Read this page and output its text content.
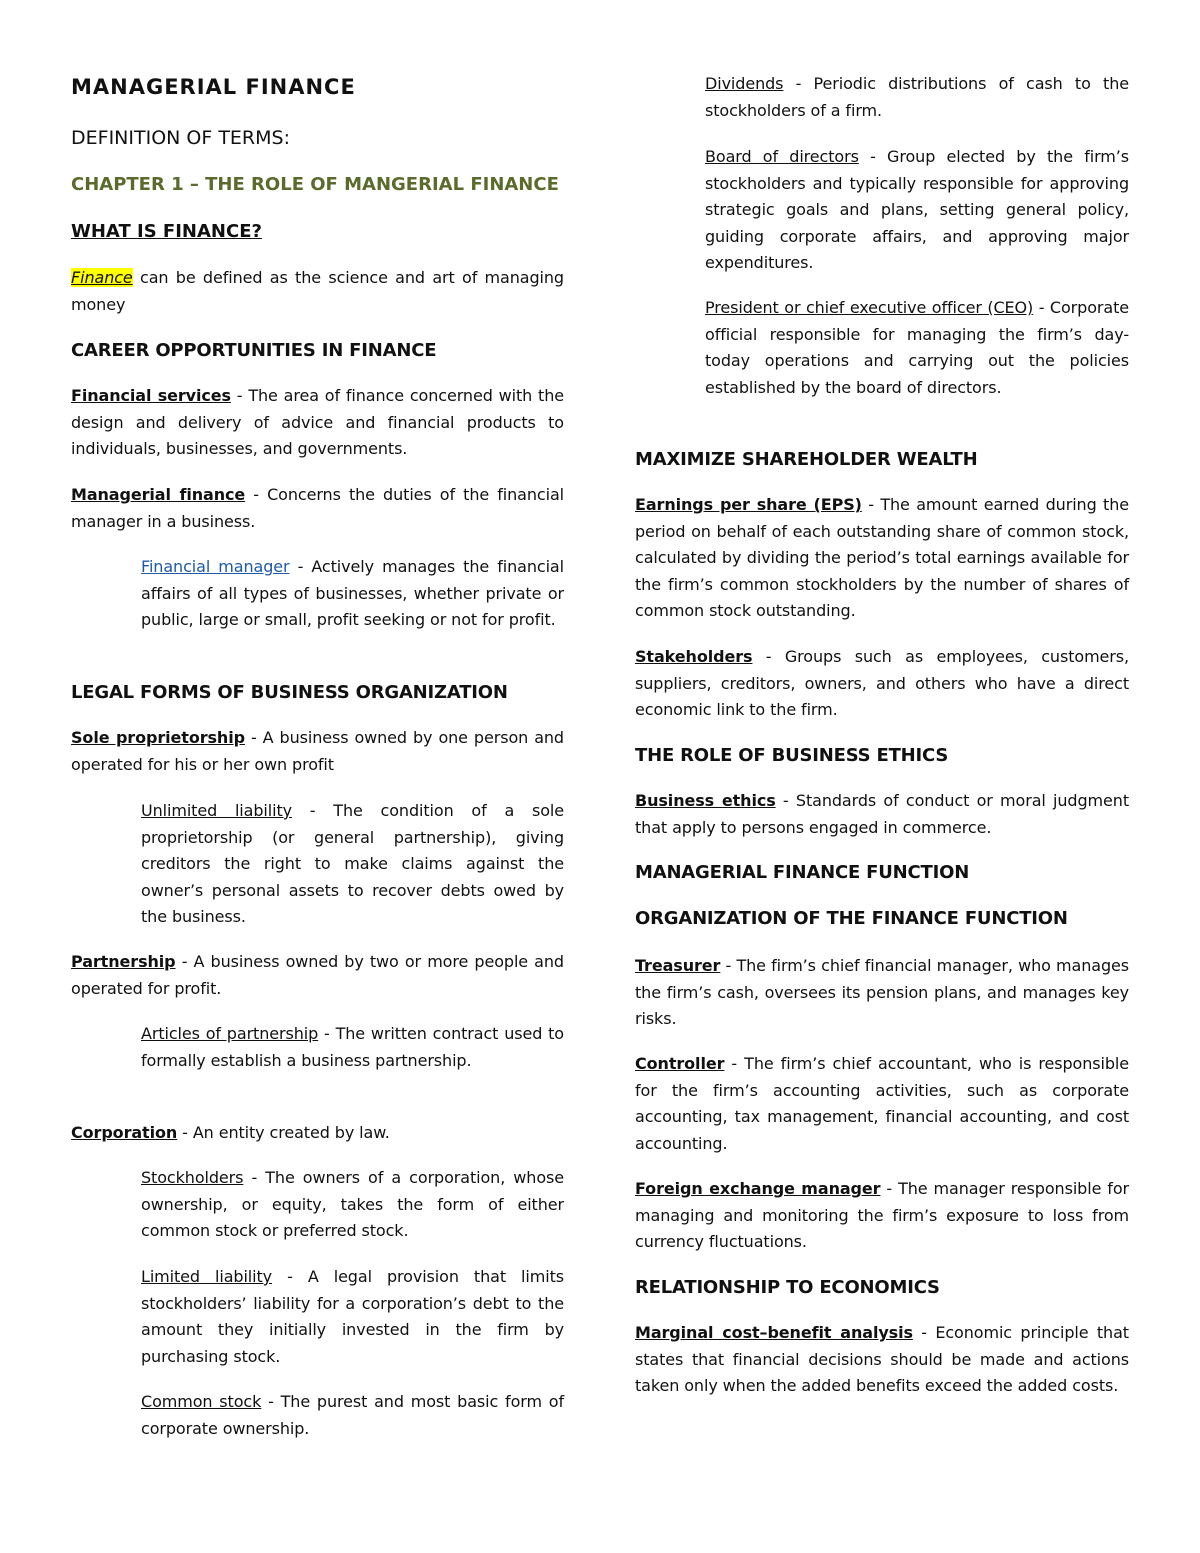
MANAGERIAL FINANCE
DEFINITION OF TERMS:
CHAPTER 1 – THE ROLE OF MANGERIAL FINANCE
WHAT IS FINANCE?

Finance can be defined as the science and art of managing money

CAREER OPPORTUNITIES IN FINANCE

Financial services - The area of finance concerned with the design and delivery of advice and financial products to individuals, businesses, and governments.

Managerial finance - Concerns the duties of the financial manager in a business.

Financial manager - Actively manages the financial affairs of all types of businesses, whether private or public, large or small, profit seeking or not for profit.

LEGAL FORMS OF BUSINESS ORGANIZATION

Sole proprietorship - A business owned by one person and operated for his or her own profit

Unlimited liability - The condition of a sole proprietorship (or general partnership), giving creditors the right to make claims against the owner’s personal assets to recover debts owed by the business.

Partnership - A business owned by two or more people and operated for profit.

Articles of partnership - The written contract used to formally establish a business partnership.

Corporation - An entity created by law.

Stockholders - The owners of a corporation, whose ownership, or equity, takes the form of either common stock or preferred stock.

Limited liability - A legal provision that limits stockholders’ liability for a corporation’s debt to the amount they initially invested in the firm by purchasing stock.

Common stock - The purest and most basic form of corporate ownership.

Dividends - Periodic distributions of cash to the stockholders of a firm.

Board of directors - Group elected by the firm’s stockholders and typically responsible for approving strategic goals and plans, setting general policy, guiding corporate affairs, and approving major expenditures.

President or chief executive officer (CEO) - Corporate official responsible for managing the firm’s day-today operations and carrying out the policies established by the board of directors.

MAXIMIZE SHAREHOLDER WEALTH

Earnings per share (EPS) - The amount earned during the period on behalf of each outstanding share of common stock, calculated by dividing the period’s total earnings available for the firm’s common stockholders by the number of shares of common stock outstanding.

Stakeholders - Groups such as employees, customers, suppliers, creditors, owners, and others who have a direct economic link to the firm.

THE ROLE OF BUSINESS ETHICS

Business ethics - Standards of conduct or moral judgment that apply to persons engaged in commerce.

MANAGERIAL FINANCE FUNCTION
ORGANIZATION OF THE FINANCE FUNCTION

Treasurer - The firm’s chief financial manager, who manages the firm’s cash, oversees its pension plans, and manages key risks.

Controller - The firm’s chief accountant, who is responsible for the firm’s accounting activities, such as corporate accounting, tax management, financial accounting, and cost accounting.

Foreign exchange manager - The manager responsible for managing and monitoring the firm’s exposure to loss from currency fluctuations.

RELATIONSHIP TO ECONOMICS

Marginal cost–benefit analysis - Economic principle that states that financial decisions should be made and actions taken only when the added benefits exceed the added costs.
